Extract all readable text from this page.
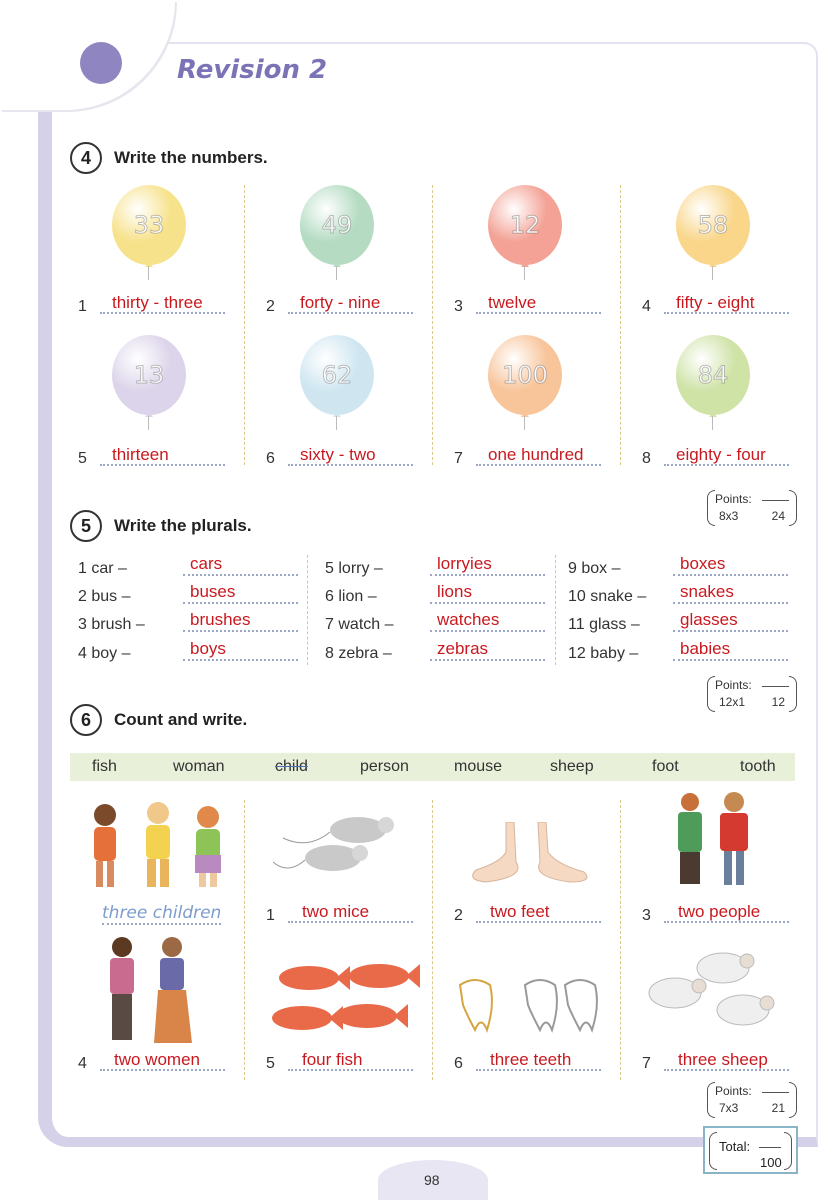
Revision 2
4	Write the numbers.
33
1 thirty - three
49
2 forty - nine
12
3 twelve
58
4 fifty - eight
13
5 thirteen
62
6 sixty - two
100
7 one hundred
84
8 eighty - four
Points:
8x3	24
5	Write the plurals.
1 car –	cars
2 bus –	buses
3 brush –	brushes
4 boy –	boys
5 lorry –	lorryies
6 lion –	lions
7 watch –	watches
8 zebra –	zebras
9 box –	boxes
10 snake – snakes
11 glass – glasses
12 baby – babies
Points:
12x1 12
6	Count and write.
fish	woman	child	person	mouse	sheep	foot	tooth
three children	1 two mice	2 two feet	3 two people
4 two women	5 four fish	6 three teeth	7 three sheep
Points:
7x3	21
Total:
100
98
